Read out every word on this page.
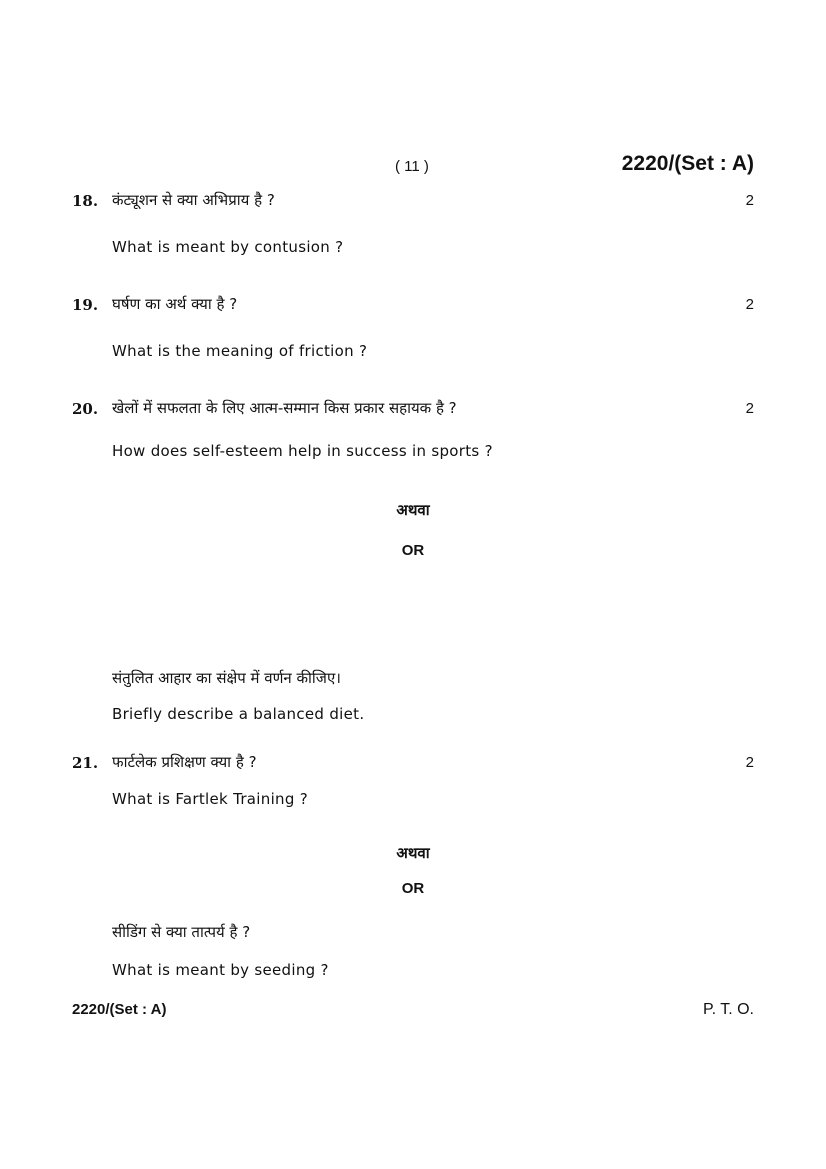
( 11 )	2220/(Set : A)
18. कंट्यूशन से क्या अभिप्राय है ?	2
What is meant by contusion ?
19. घर्षण का अर्थ क्या है ?	2
What is the meaning of friction ?
20. खेलों में सफलता के लिए आत्म-सम्मान किस प्रकार सहायक है ?	2
How does self-esteem help in success in sports ?
अथवा
OR
संतुलित आहार का संक्षेप में वर्णन कीजिए।
Briefly describe a balanced diet.
21. फार्टलेक प्रशिक्षण क्या है ?	2
What is Fartlek Training ?
अथवा
OR
सीडिंग से क्या तात्पर्य है ?
What is meant by seeding ?
2220/(Set : A)	P. T. O.
